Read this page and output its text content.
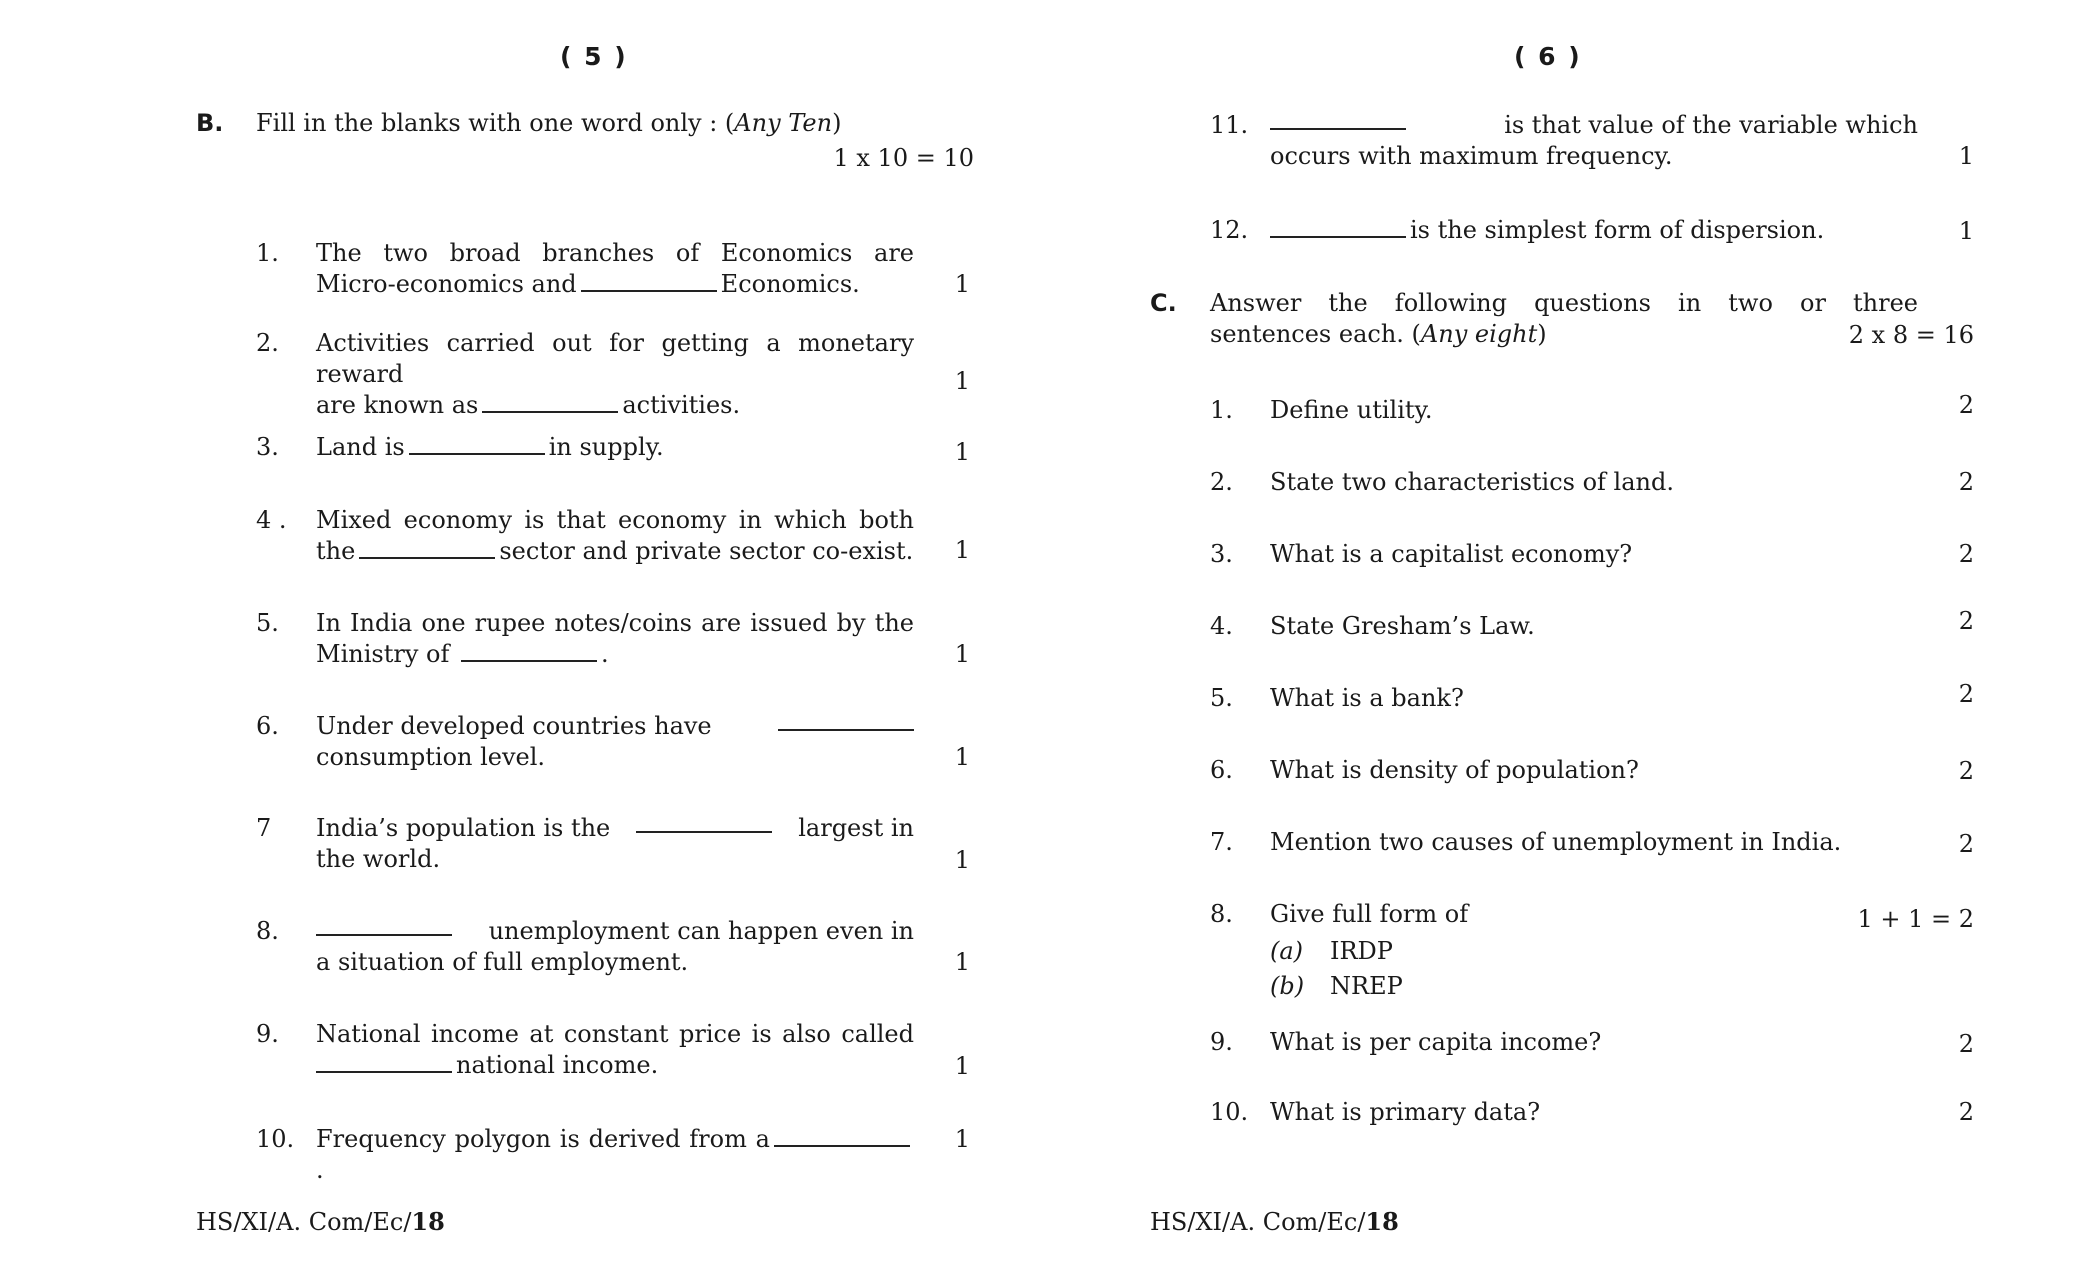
( 5 )
B. Fill in the blanks with one word only : (Any Ten)
1 x 10 = 10
1. The two broad branches of Economics are
Micro-economics and	Economics.	1
2. Activities carried out for getting a monetary reward
are known as	activities.
1
3. Land is	in supply.	1
4 . Mixed economy is that economy in which both
the	sector and private sector co-exist.	1
5. In India one rupee notes/coins are issued by the
Ministry of	.	1
6. Under developed countries have
consumption level.	1
7 India’s population is the	largest in
the world.	1
8.	unemployment can happen even in
a situation of full employment.	1
9. National income at constant price is also called
national income.	1
10. Frequency polygon is derived from a.
1
HS/XI/A. Com/Ec/18
( 6 )
11.	is that value of the variable which
occurs with maximum frequency.	1
12.	is the simplest form of dispersion.	1
C. Answer the following questions in two or three
sentences each. (Any eight)	2 x 8 = 16
1. Define utility.	2
2. State two characteristics of land.	2
3. What is a capitalist economy?	2
4. State Gresham’s Law.	2
5. What is a bank?	2
6. What is density of population?	2
7. Mention two causes of unemployment in India.	2
8. Give full form of	1 + 1 = 2
(a) IRDP
(b) NREP
9. What is per capita income?	2
10. What is primary data?	2
HS/XI/A. Com/Ec/18
